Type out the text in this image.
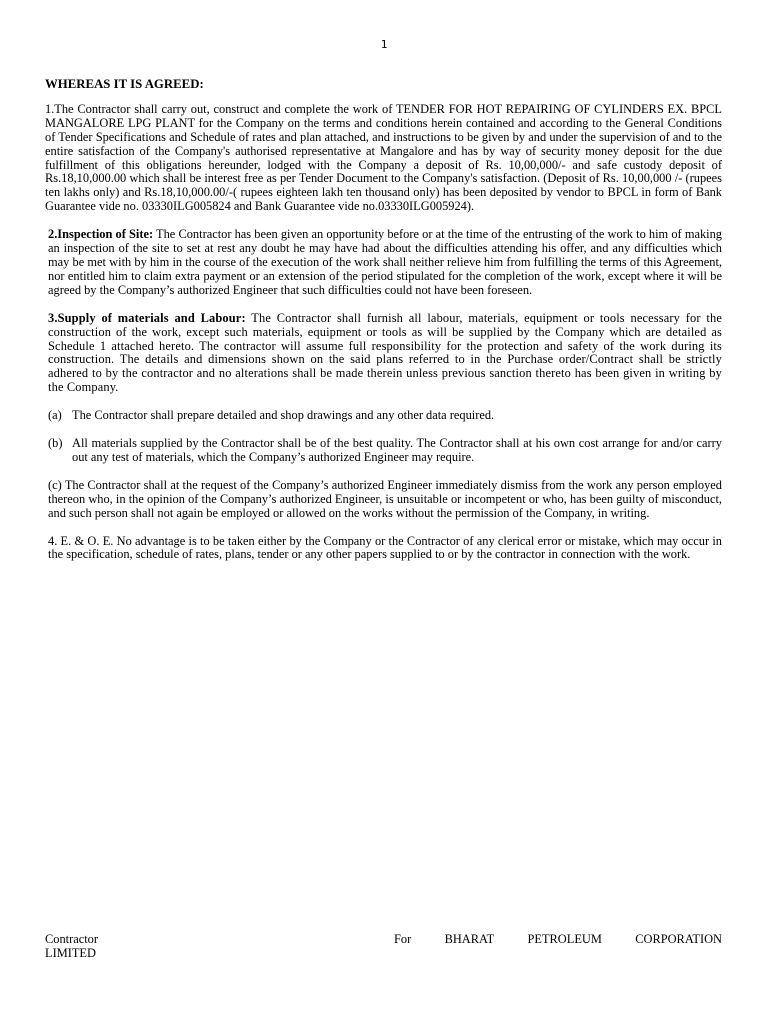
1
WHEREAS IT IS AGREED:

1.The Contractor shall carry out, construct and complete the work of TENDER FOR HOT REPAIRING OF CYLINDERS EX. BPCL MANGALORE LPG PLANT for the Company on the terms and conditions herein contained and according to the General Conditions of Tender Specifications and Schedule of rates and plan attached, and instructions to be given by and under the supervision of and to the entire satisfaction of the Company's authorised representative at Mangalore and has by way of security money deposit for the due fulfillment of this obligations hereunder, lodged with the Company a deposit of Rs. 10,00,000/- and safe custody deposit of Rs.18,10,000.00 which shall be interest free as per Tender Document to the Company's satisfaction. (Deposit of Rs. 10,00,000 /- (rupees ten lakhs only) and Rs.18,10,000.00/-( rupees eighteen lakh ten thousand only) has been deposited by vendor to BPCL in form of Bank Guarantee vide no. 03330ILG005824 and Bank Guarantee vide no.03330ILG005924).

2.Inspection of Site: The Contractor has been given an opportunity before or at the time of the entrusting of the work to him of making an inspection of the site to set at rest any doubt he may have had about the difficulties attending his offer, and any difficulties which may be met with by him in the course of the execution of the work shall neither relieve him from fulfilling the terms of this Agreement, nor entitled him to claim extra payment or an extension of the period stipulated for the completion of the work, except where it will be agreed by the Company’s authorized Engineer that such difficulties could not have been foreseen.

3.Supply of materials and Labour: The Contractor shall furnish all labour, materials, equipment or tools necessary for the construction of the work, except such materials, equipment or tools as will be supplied by the Company which are detailed as Schedule 1 attached hereto. The contractor will assume full responsibility for the protection and safety of the work during its construction. The details and dimensions shown on the said plans referred to in the Purchase order/Contract shall be strictly adhered to by the contractor and no alterations shall be made therein unless previous sanction thereto has been given in writing by the Company.

(a) The Contractor shall prepare detailed and shop drawings and any other data required.
(b) All materials supplied by the Contractor shall be of the best quality. The Contractor shall at his own cost arrange for and/or carry out any test of materials, which the Company’s authorized Engineer may require.

(c) The Contractor shall at the request of the Company’s authorized Engineer immediately dismiss from the work any person employed thereon who, in the opinion of the Company’s authorized Engineer, is unsuitable or incompetent or who, has been guilty of misconduct, and such person shall not again be employed or allowed on the works without the permission of the Company, in writing.

4. E. & O. E. No advantage is to be taken either by the Company or the Contractor of any clerical error or mistake, which may occur in the specification, schedule of rates, plans, tender or any other papers supplied to or by the contractor in connection with the work.

Contractor	For	BHARAT	PETROLEUM	CORPORATION
LIMITED
